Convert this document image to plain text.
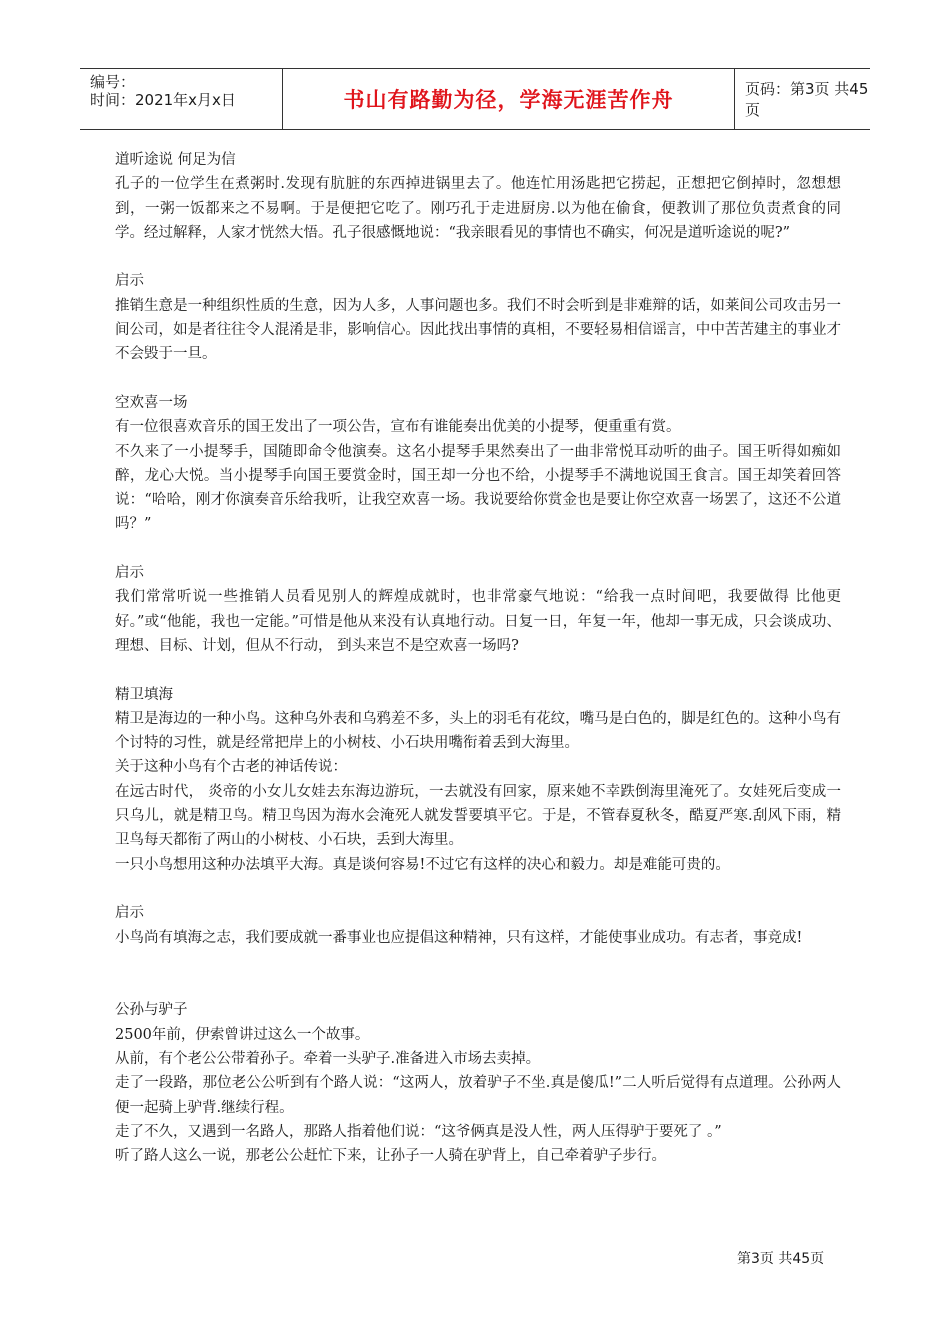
编号：
时间：2021年x月x日	书山有路勤为径，学海无涯苦作舟	页码：第3页 共45页
道听途说 何足为信
孔子的一位学生在煮粥时.发现有肮脏的东西掉进锅里去了。他连忙用汤匙把它捞起，正想把它倒掉时，忽想想到，一粥一饭都来之不易啊。于是便把它吃了。刚巧孔于走进厨房.以为他在偷食，便教训了那位负责煮食的同学。经过解释，人家才恍然大悟。孔子很感慨地说：“我亲眼看见的事情也不确实，何况是道听途说的呢?”
启示
推销生意是一种组织性质的生意，因为人多，人事问题也多。我们不时会听到是非难辩的话，如莱间公司攻击另一间公司，如是者往往令人混淆是非，影响信心。因此找出事情的真相，不要轻易相信谣言，中中苦苦建主的事业才不会毁于一旦。
空欢喜一场
有一位很喜欢音乐的国王发出了一项公告，宣布有谁能奏出优美的小提琴，便重重有赏。
不久来了一小提琴手，国随即命令他演奏。这名小提琴手果然奏出了一曲非常悦耳动听的曲子。国王听得如痴如醉，龙心大悦。当小提琴手向国王要赏金时，国王却一分也不给，小提琴手不满地说国王食言。国王却笑着回答说：“哈哈，刚才你演奏音乐给我听，让我空欢喜一场。我说要给你赏金也是要让你空欢喜一场罢了，这还不公道吗？”
启示
我们常常听说一些推销人员看见别人的辉煌成就时，也非常豪气地说：“给我一点时间吧，我要做得 比他更好。”或“他能，我也一定能。”可惜是他从来没有认真地行动。日复一日，年复一年，他却一事无成，只会谈成功、理想、目标、计划，但从不行动， 到头来岂不是空欢喜一场吗?
精卫填海
精卫是海边的一种小鸟。这种乌外表和乌鸦差不多，头上的羽毛有花纹，嘴马是白色的，脚是红色的。这种小鸟有个讨特的习性，就是经常把岸上的小树枝、小石块用嘴衔着丢到大海里。
关于这种小鸟有个古老的神话传说：
在远古时代， 炎帝的小女儿女娃去东海边游玩，一去就没有回家，原来她不幸跌倒海里淹死了。女娃死后变成一只乌儿，就是精卫鸟。精卫鸟因为海水会淹死人就发誓要填平它。于是，不管春夏秋冬，酷夏严寒.刮风下雨，精卫鸟每天都衔了两山的小树枝、小石块，丢到大海里。
一只小鸟想用这种办法填平大海。真是谈何容易!不过它有这样的决心和毅力。却是难能可贵的。
启示
小鸟尚有填海之志，我们要成就一番事业也应提倡这种精神，只有这样，才能使事业成功。有志者，事竞成!
公孙与驴子
2500年前，伊索曾讲过这么一个故事。
从前，有个老公公带着孙子。牵着一头驴子.准备进入市场去卖掉。
走了一段路，那位老公公听到有个路人说：“这两人，放着驴子不坐.真是傻瓜!”二人听后觉得有点道理。公孙两人便一起骑上驴背.继续行程。
走了不久，又遇到一名路人，那路人指着他们说：“这爷俩真是没人性，两人压得驴于要死了 。”
听了路人这么一说，那老公公赶忙下来，让孙子一人骑在驴背上，自己牵着驴子步行。
第3页 共45页
